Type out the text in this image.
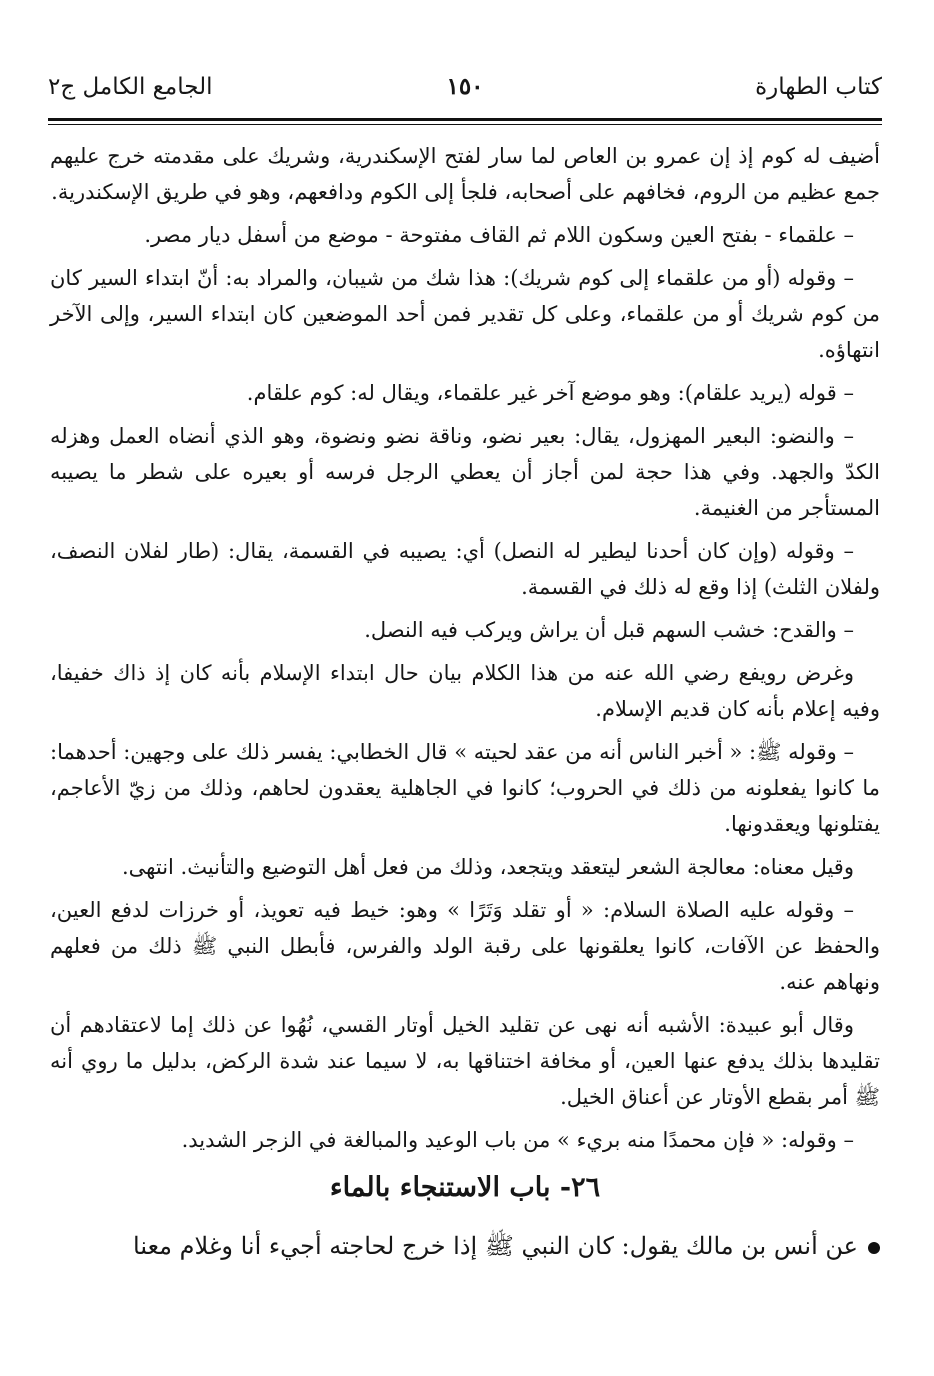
١٥٠	كتاب الطهارة
الجامع الكامل ج٢

أضيف له كوم إذ إن عمرو بن العاص لما سار لفتح الإسكندرية، وشريك على مقدمته خرج عليهم جمع عظيم من الروم، فخافهم على أصحابه، فلجأ إلى الكوم ودافعهم، وهو في طريق الإسكندرية.

– علقماء - بفتح العين وسكون اللام ثم القاف مفتوحة - موضع من أسفل ديار مصر.

– وقوله (أو من علقماء إلى كوم شريك): هذا شك من شيبان، والمراد به: أنّ ابتداء السير كان من كوم شريك أو من علقماء، وعلى كل تقدير فمن أحد الموضعين كان ابتداء السير، وإلى الآخر انتهاؤه.

– قوله (يريد علقام): وهو موضع آخر غير علقماء، ويقال له: كوم علقام.

– والنضو: البعير المهزول، يقال: بعير نضو، وناقة نضو ونضوة، وهو الذي أنضاه العمل وهزله الكدّ والجهد. وفي هذا حجة لمن أجاز أن يعطي الرجل فرسه أو بعيره على شطر ما يصيبه المستأجر من الغنيمة.

– وقوله (وإن كان أحدنا ليطير له النصل) أي: يصيبه في القسمة، يقال: (طار لفلان النصف، ولفلان الثلث) إذا وقع له ذلك في القسمة.

– والقدح: خشب السهم قبل أن يراش ويركب فيه النصل.

وغرض رويفع رضي الله عنه من هذا الكلام بيان حال ابتداء الإسلام بأنه كان إذ ذاك خفيفا، وفيه إعلام بأنه كان قديم الإسلام.

– وقوله ﷺ: « أخبر الناس أنه من عقد لحيته » قال الخطابي: يفسر ذلك على وجهين: أحدهما: ما كانوا يفعلونه من ذلك في الحروب؛ كانوا في الجاهلية يعقدون لحاهم، وذلك من زيّ الأعاجم، يفتلونها ويعقدونها.

وقيل معناه: معالجة الشعر ليتعقد ويتجعد، وذلك من فعل أهل التوضيع والتأنيث. انتهى.

– وقوله عليه الصلاة السلام: « أو تقلد وَتَرًا » وهو: خيط فيه تعويذ، أو خرزات لدفع العين، والحفظ عن الآفات، كانوا يعلقونها على رقبة الولد والفرس، فأبطل النبي ﷺ ذلك من فعلهم ونهاهم عنه.

وقال أبو عبيدة: الأشبه أنه نهى عن تقليد الخيل أوتار القسي، نُهُوا عن ذلك إما لاعتقادهم أن تقليدها بذلك يدفع عنها العين، أو مخافة اختناقها به، لا سيما عند شدة الركض، بدليل ما روي أنه ﷺ أمر بقطع الأوتار عن أعناق الخيل.

– وقوله: « فإن محمدًا منه بريء » من باب الوعيد والمبالغة في الزجر الشديد.

٢٦- باب الاستنجاء بالماء

عن أنس بن مالك يقول: كان النبي ﷺ إذا خرج لحاجته أجيء أنا وغلام معنا
